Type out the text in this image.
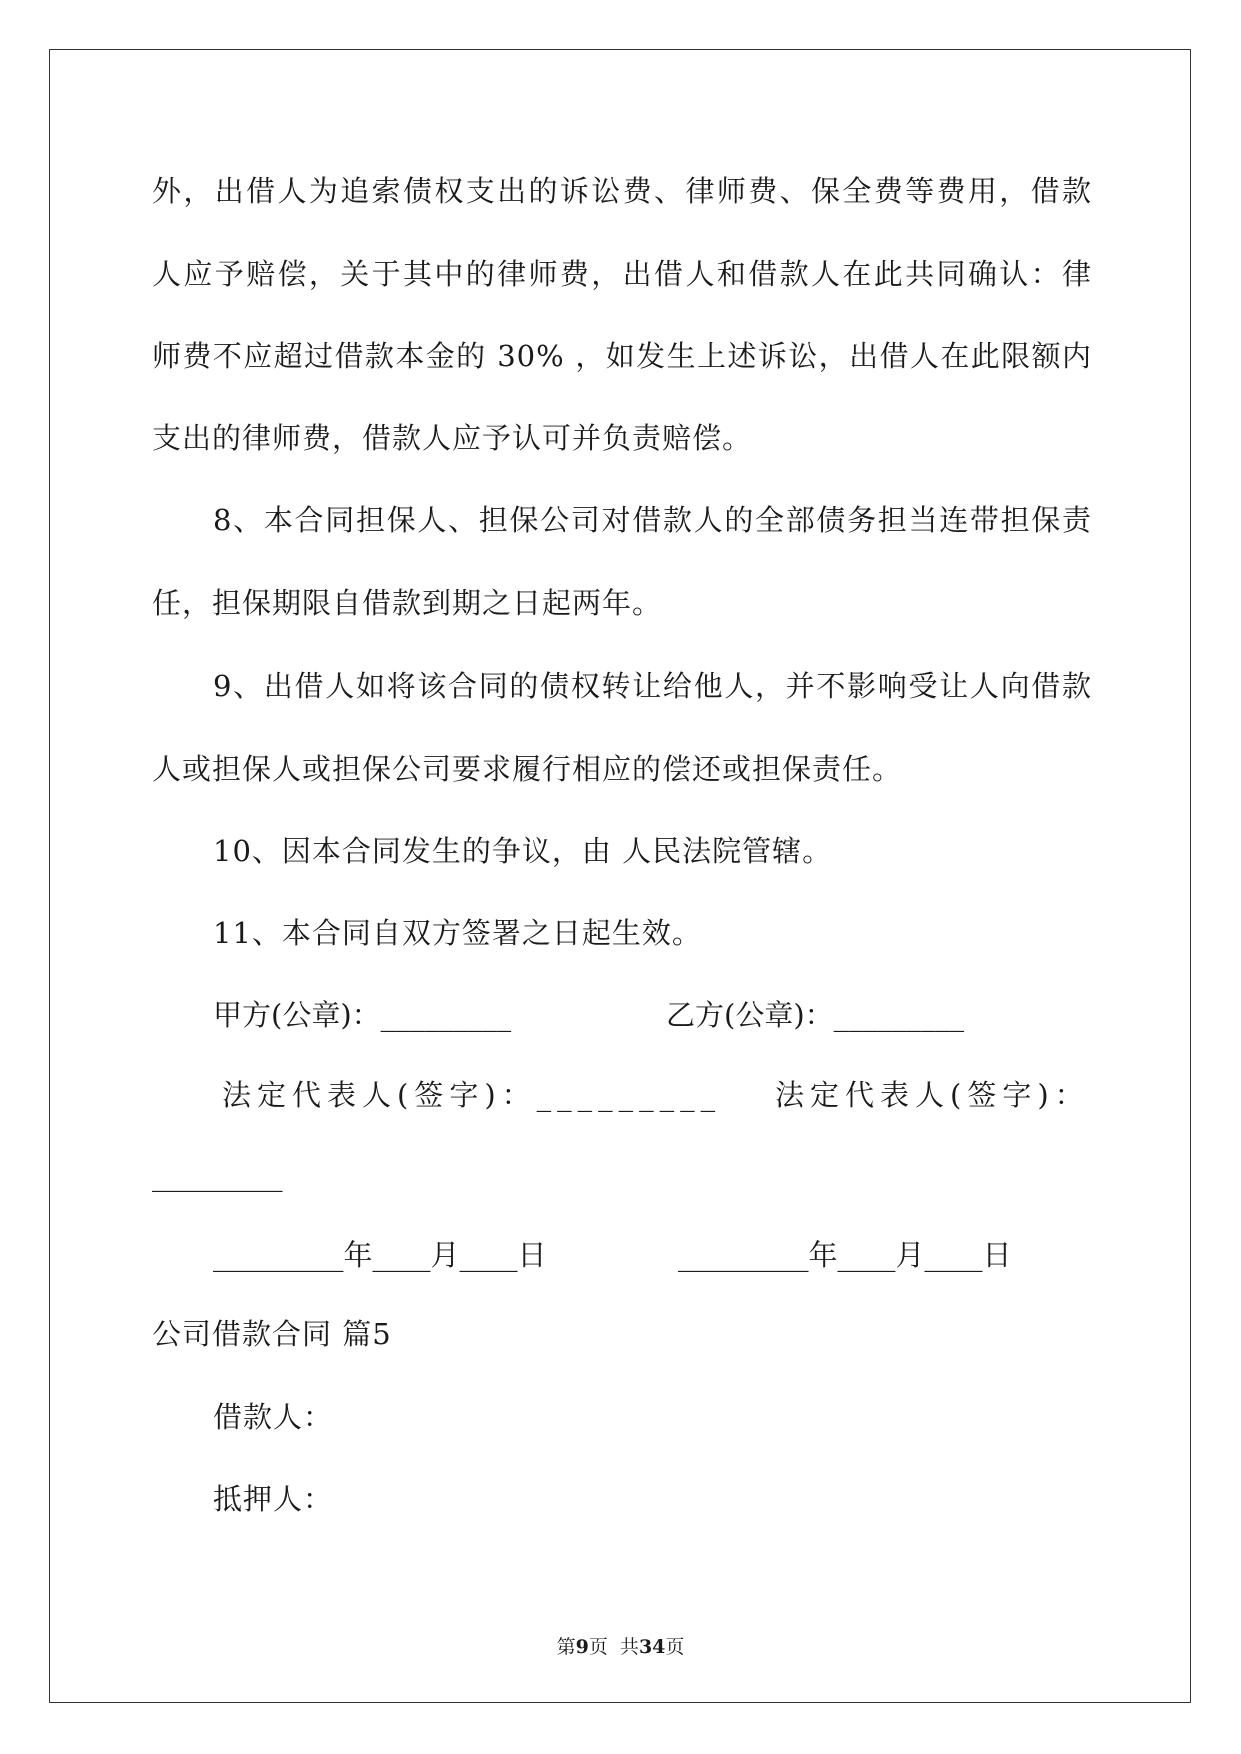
外，出借人为追索债权支出的诉讼费、律师费、保全费等费用，借款
人应予赔偿，关于其中的律师费，出借人和借款人在此共同确认：律
师费不应超过借款本金的 30% ，如发生上述诉讼，出借人在此限额内
支出的律师费，借款人应予认可并负责赔偿。
8、本合同担保人、担保公司对借款人的全部债务担当连带担保责
任，担保期限自借款到期之日起两年。
9、出借人如将该合同的债权转让给他人，并不影响受让人向借款
人或担保人或担保公司要求履行相应的偿还或担保责任。
10、因本合同发生的争议，由 人民法院管辖。
11、本合同自双方签署之日起生效。
甲方(公章)：_________	乙方(公章)：_________
法定代表人(签字)：_________ 法定代表人(签字)：
_________
_________年____月____日	_________年____月____日
公司借款合同 篇5
借款人：
抵押人：
第9页  共34页
